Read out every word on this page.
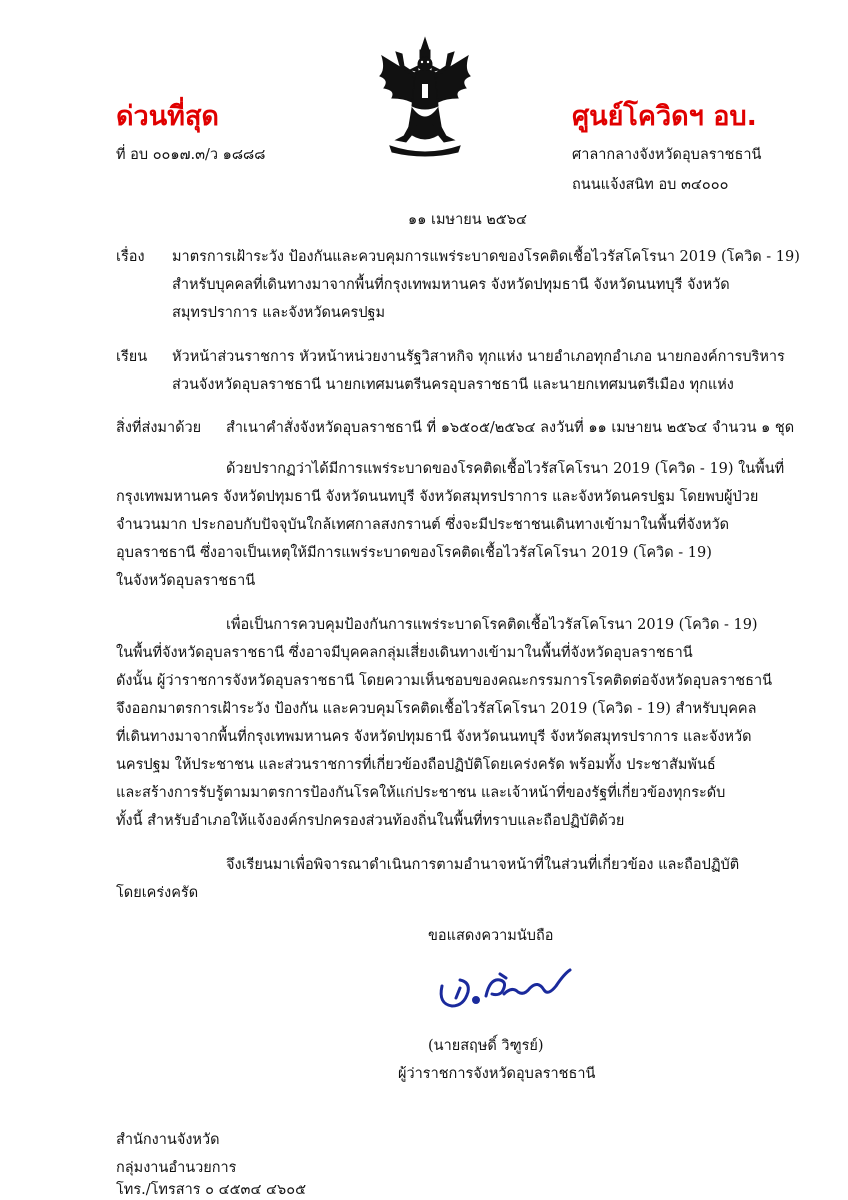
ด่วนที่สุด	ศูนย์โควิดฯ อบ.
ที่ อบ ๐๐๑๗.๓/ว ๑๘๘๘	ศาลากลางจังหวัดอุบลราชธานี
ถนนแจ้งสนิท อบ ๓๔๐๐๐
๑๑ เมษายน ๒๕๖๔
เรื่อง มาตรการเฝ้าระวัง ป้องกันและควบคุมการแพร่ระบาดของโรคติดเชื้อไวรัสโคโรนา 2019 (โควิด - 19)
สำหรับบุคคลที่เดินทางมาจากพื้นที่กรุงเทพมหานคร จังหวัดปทุมธานี จังหวัดนนทบุรี จังหวัด
สมุทรปราการ และจังหวัดนครปฐม
เรียน หัวหน้าส่วนราชการ หัวหน้าหน่วยงานรัฐวิสาหกิจ ทุกแห่ง นายอำเภอทุกอำเภอ นายกองค์การบริหาร
ส่วนจังหวัดอุบลราชธานี นายกเทศมนตรีนครอุบลราชธานี และนายกเทศมนตรีเมือง ทุกแห่ง
สิ่งที่ส่งมาด้วย สำเนาคำสั่งจังหวัดอุบลราชธานี ที่ ๑๖๕๐๕/๒๕๖๔ ลงวันที่ ๑๑ เมษายน ๒๕๖๔ จำนวน ๑ ชุด
ด้วยปรากฏว่าได้มีการแพร่ระบาดของโรคติดเชื้อไวรัสโคโรนา 2019 (โควิด - 19) ในพื้นที่
กรุงเทพมหานคร จังหวัดปทุมธานี จังหวัดนนทบุรี จังหวัดสมุทรปราการ และจังหวัดนครปฐม โดยพบผู้ป่วย
จำนวนมาก ประกอบกับปัจจุบันใกล้เทศกาลสงกรานต์ ซึ่งจะมีประชาชนเดินทางเข้ามาในพื้นที่จังหวัด
อุบลราชธานี ซึ่งอาจเป็นเหตุให้มีการแพร่ระบาดของโรคติดเชื้อไวรัสโคโรนา 2019 (โควิด - 19)
ในจังหวัดอุบลราชธานี
เพื่อเป็นการควบคุมป้องกันการแพร่ระบาดโรคติดเชื้อไวรัสโคโรนา 2019 (โควิด - 19)
ในพื้นที่จังหวัดอุบลราชธานี ซึ่งอาจมีบุคคลกลุ่มเสี่ยงเดินทางเข้ามาในพื้นที่จังหวัดอุบลราชธานี
ดังนั้น ผู้ว่าราชการจังหวัดอุบลราชธานี โดยความเห็นชอบของคณะกรรมการโรคติดต่อจังหวัดอุบลราชธานี
จึงออกมาตรการเฝ้าระวัง ป้องกัน และควบคุมโรคติดเชื้อไวรัสโคโรนา 2019 (โควิด - 19) สำหรับบุคคล
ที่เดินทางมาจากพื้นที่กรุงเทพมหานคร จังหวัดปทุมธานี จังหวัดนนทบุรี จังหวัดสมุทรปราการ และจังหวัด
นครปฐม ให้ประชาชน และส่วนราชการที่เกี่ยวข้องถือปฏิบัติโดยเคร่งครัด พร้อมทั้ง ประชาสัมพันธ์
และสร้างการรับรู้ตามมาตรการป้องกันโรคให้แก่ประชาชน และเจ้าหน้าที่ของรัฐที่เกี่ยวข้องทุกระดับ
ทั้งนี้ สำหรับอำเภอให้แจ้งองค์กรปกครองส่วนท้องถิ่นในพื้นที่ทราบและถือปฏิบัติด้วย
จึงเรียนมาเพื่อพิจารณาดำเนินการตามอำนาจหน้าที่ในส่วนที่เกี่ยวข้อง และถือปฏิบัติ
โดยเคร่งครัด
ขอแสดงความนับถือ
(นายสฤษดิ์ วิฑูรย์)
ผู้ว่าราชการจังหวัดอุบลราชธานี
สำนักงานจังหวัด
กลุ่มงานอำนวยการ
โทร./โทรสาร ๐ ๔๕๓๔ ๔๖๐๕
